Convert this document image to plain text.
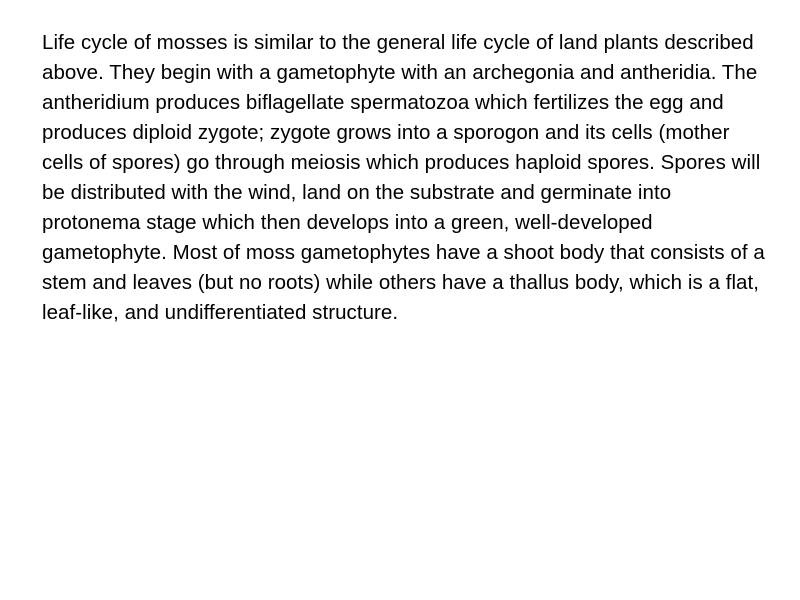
Life cycle of mosses is similar to the general life cycle of land plants described above. They begin with a gametophyte with an archegonia and antheridia. The antheridium produces biflagellate spermatozoa which fertilizes the egg and produces diploid zygote; zygote grows into a sporogon and its cells (mother cells of spores) go through meiosis which produces haploid spores. Spores will be distributed with the wind, land on the substrate and germinate into protonema stage which then develops into a green, well-developed gametophyte. Most of moss gametophytes have a shoot body that consists of a stem and leaves (but no roots) while others have a thallus body, which is a flat, leaf-like, and undifferentiated structure.
